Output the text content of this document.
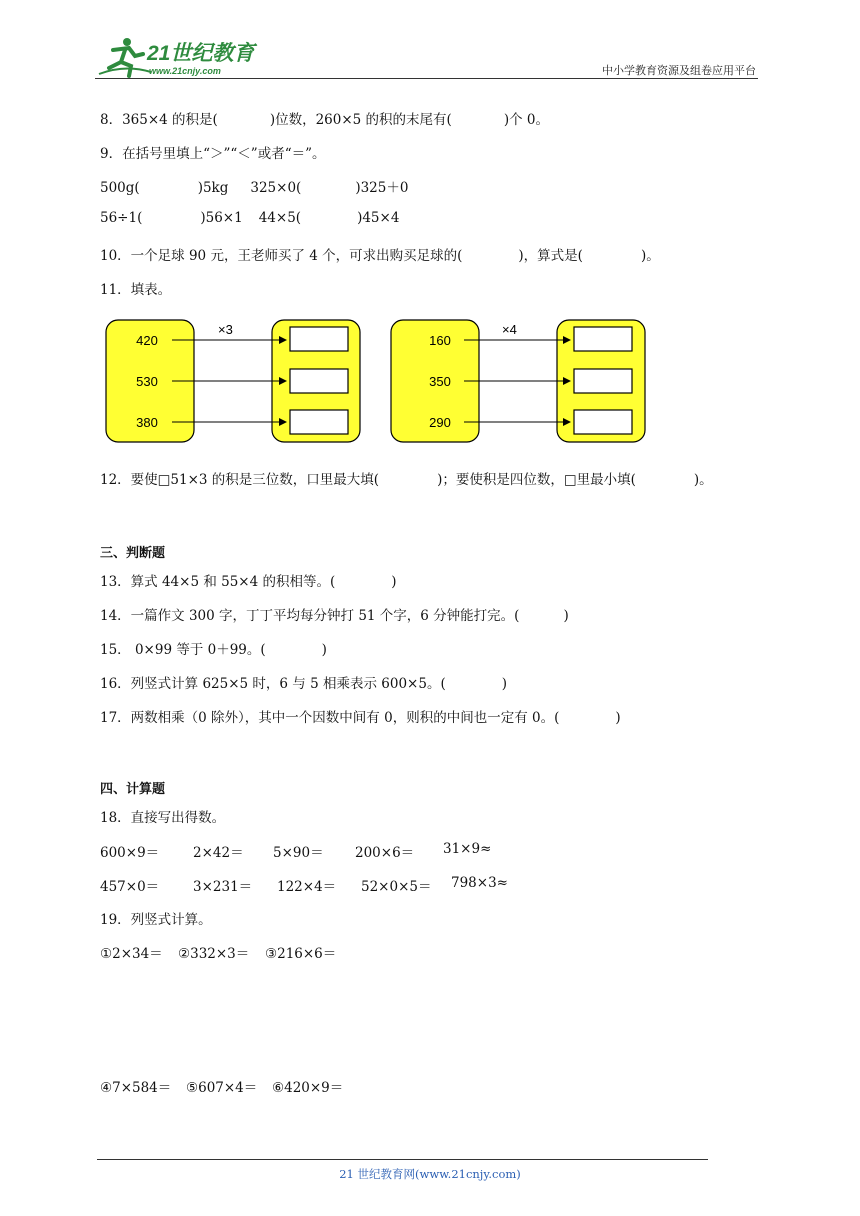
21世纪教育
www.21cnjy.com	中小学教育资源及组卷应用平台
8．365×4 的积是(	)位数，260×5 的积的末尾有(	)个 0。
9．在括号里填上“＞”“＜”或者“＝”。
500g(	)5kg 325×0(	)325＋0
56÷1(	)56×1 44×5(	)45×4
10．一个足球 90 元，王老师买了 4 个，可求出购买足球的(	)，算式是(	)。
11．填表。
×3
420
530
380
×4
160
350
290
12．要使□51×3 的积是三位数，口里最大填(	)；要使积是四位数，□里最小填(	)。
三、判断题
13．算式 44×5 和 55×4 的积相等。(	)
14．一篇作文 300 字，丁丁平均每分钟打 51 个字，6 分钟能打完。(	)
15． 0×99 等于 0＋99。(	)
16．列竖式计算 625×5 时，6 与 5 相乘表示 600×5。(	)
17．两数相乘（0 除外），其中一个因数中间有 0，则积的中间也一定有 0。(	)
四、计算题
18．直接写出得数。
600×9＝	2×42＝ 5×90＝ 200×6＝ 31×9≈
457×0＝	3×231＝ 122×4＝ 52×0×5＝ 798×3≈
19．列竖式计算。
①2×34＝ ②332×3＝ ③216×6＝
④7×584＝ ⑤607×4＝ ⑥420×9＝
21 世纪教育网(www.21cnjy.com)
